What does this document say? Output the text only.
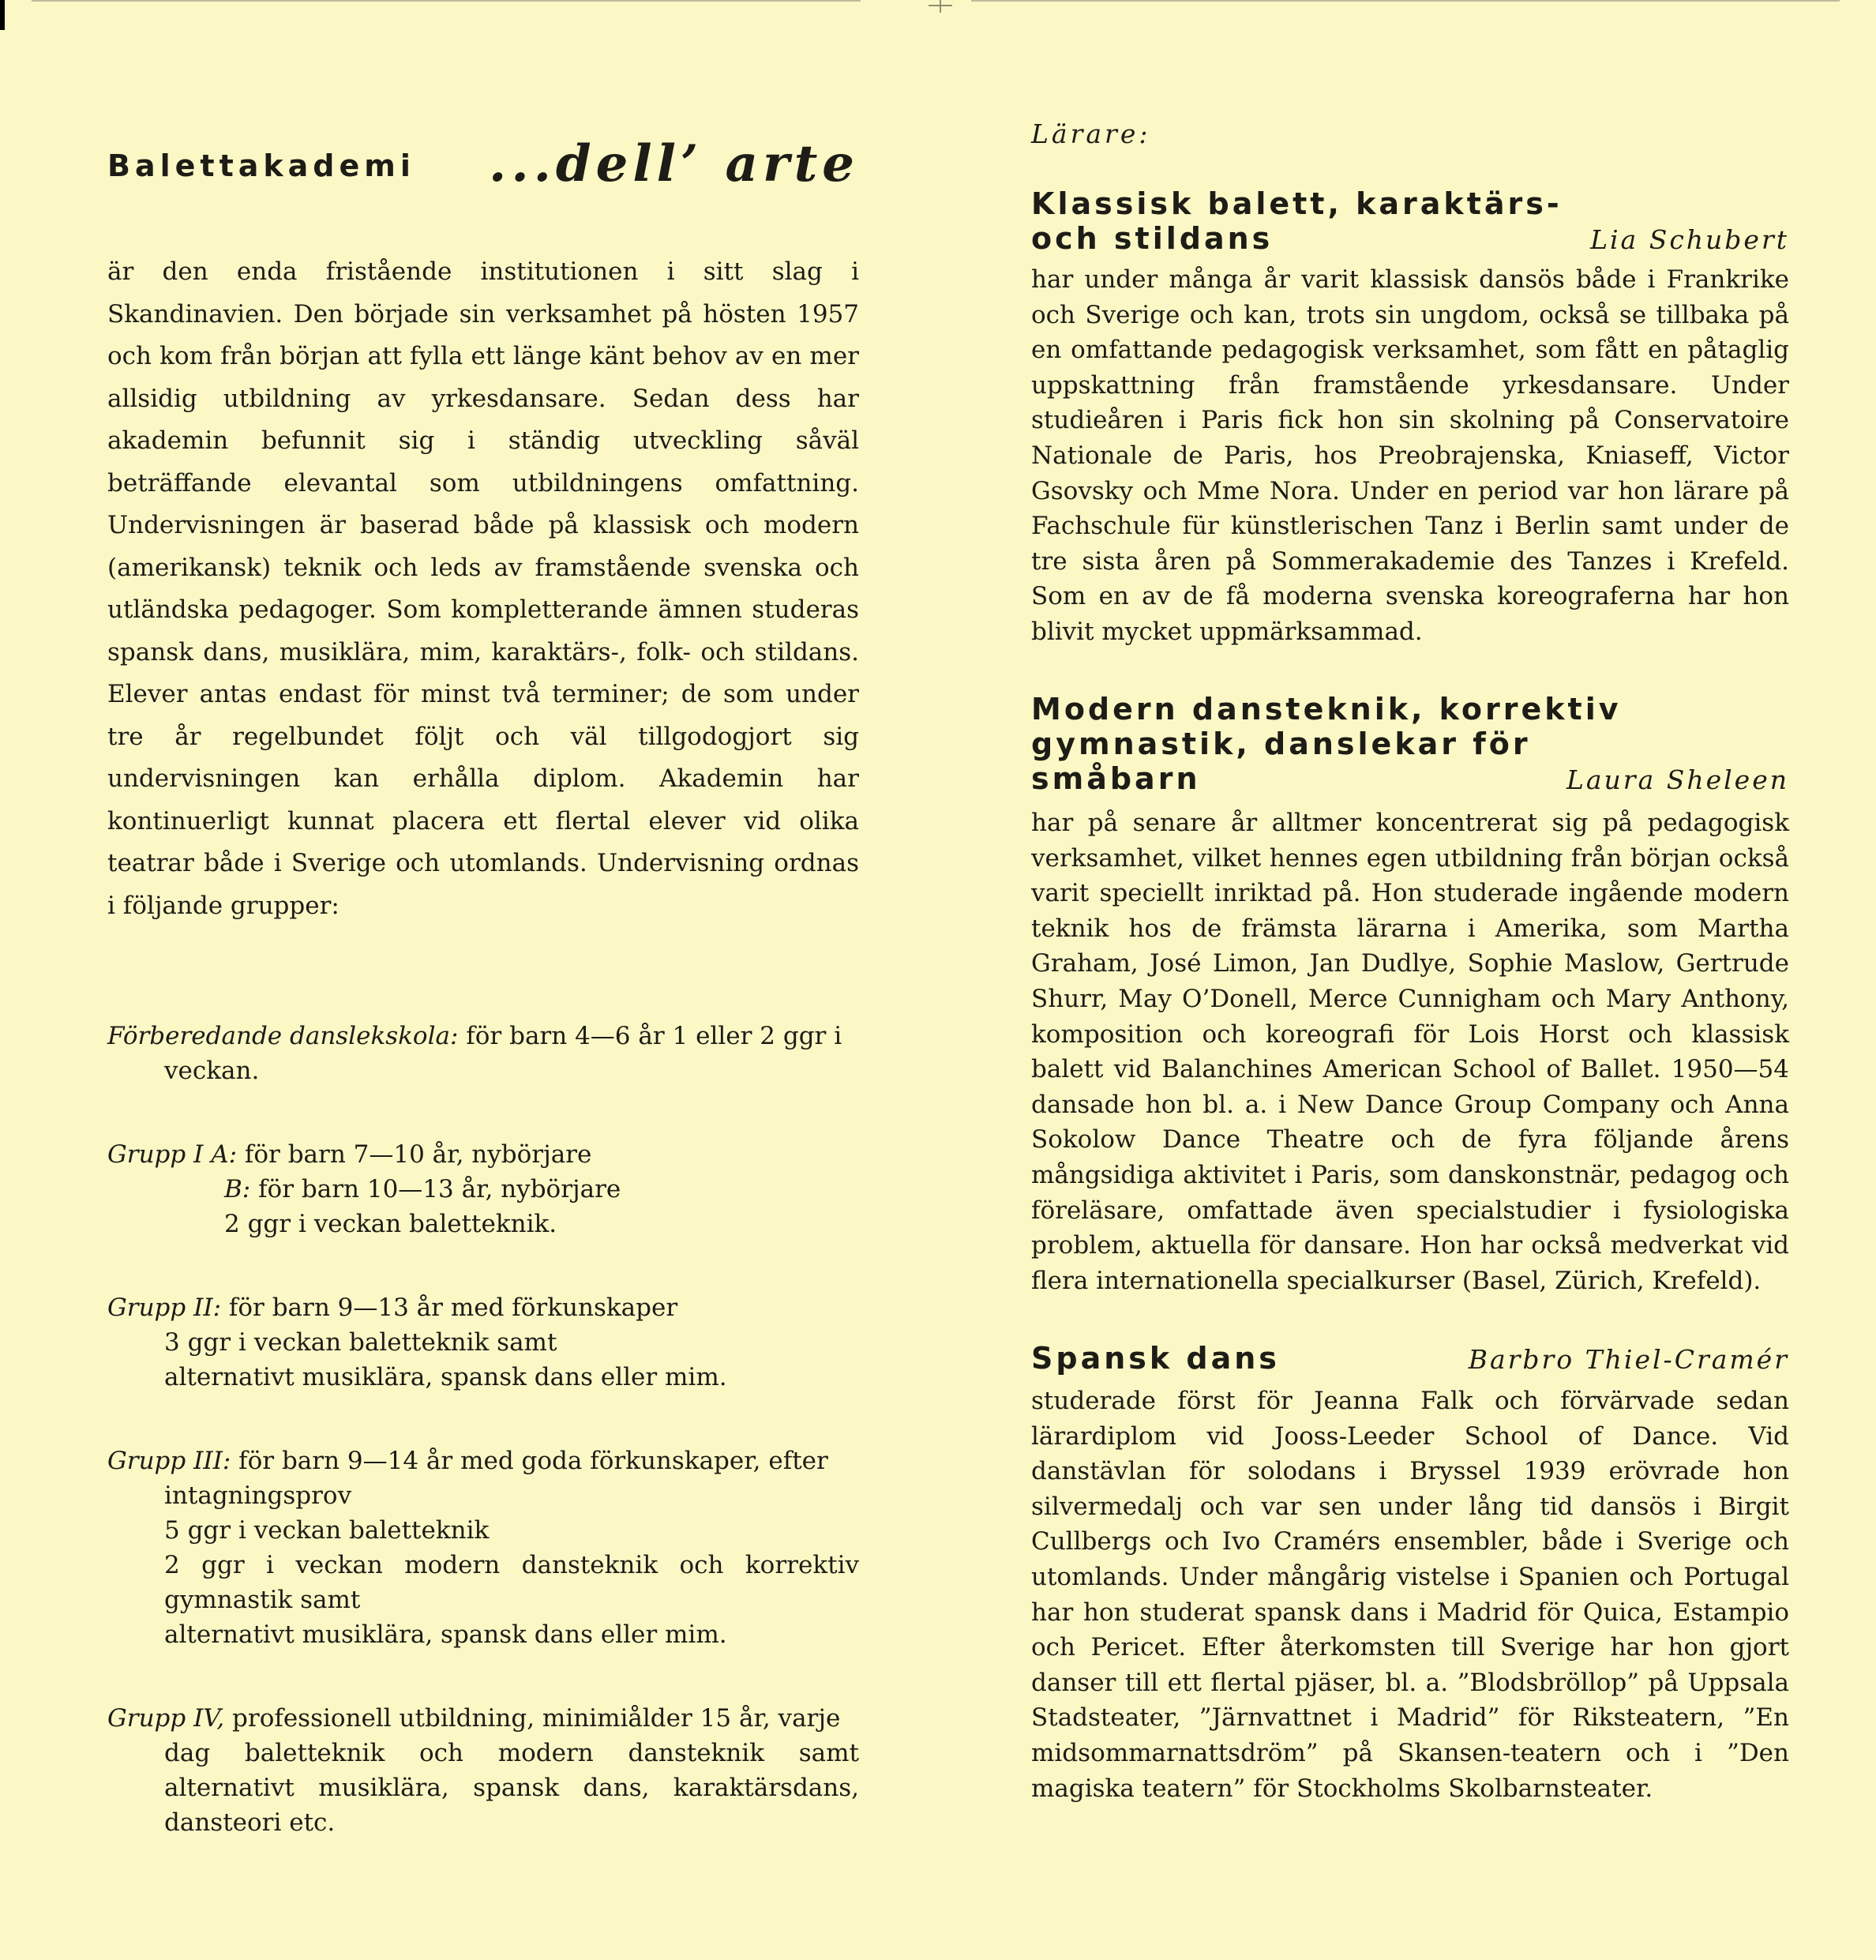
Balettakademi ...dell’ arte

är den enda fristående institutionen i sitt slag i Skandinavien. Den började sin verksamhet på hösten 1957 och kom från början att fylla ett länge känt behov av en mer allsidig utbildning av yrkesdansare. Sedan dess har akademin befunnit sig i ständig utveckling såväl beträffande elevantal som utbildningens omfattning. Undervisningen är baserad både på klassisk och modern (amerikansk) teknik och leds av framstående svenska och utländska pedagoger. Som kompletterande ämnen studeras spansk dans, musiklära, mim, karaktärs-, folk- och stildans. Elever antas endast för minst två terminer; de som under tre år regelbundet följt och väl tillgodogjort sig undervisningen kan erhålla diplom. Akademin har kontinuerligt kunnat placera ett flertal elever vid olika teatrar både i Sverige och utomlands. Undervisning ordnas i följande grupper:

Förberedande danslekskola: för barn 4—6 år 1 eller 2 ggr i

veckan.

Grupp I A: för barn 7—10 år, nybörjare

B: för barn 10—13 år, nybörjare

2 ggr i veckan baletteknik.

Grupp II: för barn 9—13 år med förkunskaper

3 ggr i veckan baletteknik samt

alternativt musiklära, spansk dans eller mim.

Grupp III: för barn 9—14 år med goda förkunskaper, efter

intagningsprov

5 ggr i veckan baletteknik

2 ggr i veckan modern dansteknik och korrektiv gymnastik samt

alternativt musiklära, spansk dans eller mim.

Grupp IV, professionell utbildning, minimiålder 15 år, varje

dag baletteknik och modern dansteknik samt alternativt musiklära, spansk dans, karaktärsdans, dansteori etc.

Lärare:

Klassisk balett, karaktärs-

och stildans	Lia Schubert

har under många år varit klassisk dansös både i Frankrike och Sverige och kan, trots sin ungdom, också se tillbaka på en omfattande pedagogisk verksamhet, som fått en påtaglig uppskattning från framstående yrkesdansare. Under studieåren i Paris fick hon sin skolning på Conservatoire Nationale de Paris, hos Preobrajenska, Kniaseff, Victor Gsovsky och Mme Nora. Under en period var hon lärare på Fachschule für künstlerischen Tanz i Berlin samt under de tre sista åren på Sommerakademie des Tanzes i Krefeld. Som en av de få moderna svenska koreograferna har hon blivit mycket uppmärksammad.

Modern dansteknik, korrektiv

gymnastik, danslekar för

småbarn	Laura Sheleen

har på senare år alltmer koncentrerat sig på pedagogisk verksamhet, vilket hennes egen utbildning från början också varit speciellt inriktad på. Hon studerade ingående modern teknik hos de främsta lärarna i Amerika, som Martha Graham, José Limon, Jan Dudlye, Sophie Maslow, Gertrude Shurr, May O’Donell, Merce Cunnigham och Mary Anthony, komposition och koreografi för Lois Horst och klassisk balett vid Balanchines American School of Ballet. 1950—54 dansade hon bl. a. i New Dance Group Company och Anna Sokolow Dance Theatre och de fyra följande årens mångsidiga aktivitet i Paris, som danskonstnär, pedagog och föreläsare, omfattade även specialstudier i fysiologiska problem, aktuella för dansare. Hon har också medverkat vid flera internationella specialkurser (Basel, Zürich, Krefeld).

Spansk dans	Barbro Thiel-Cramér

studerade först för Jeanna Falk och förvärvade sedan lärardiplom vid Jooss-Leeder School of Dance. Vid danstävlan för solodans i Bryssel 1939 erövrade hon silvermedalj och var sen under lång tid dansös i Birgit Cullbergs och Ivo Cramérs ensembler, både i Sverige och utomlands. Under mångårig vistelse i Spanien och Portugal har hon studerat spansk dans i Madrid för Quica, Estampio och Pericet. Efter återkomsten till Sverige har hon gjort danser till ett flertal pjäser, bl. a. ”Blodsbröllop” på Uppsala Stadsteater, ”Järnvattnet i Madrid” för Riksteatern, ”En midsommarnattsdröm” på Skansen-teatern och i ”Den magiska teatern” för Stockholms Skolbarnsteater.
